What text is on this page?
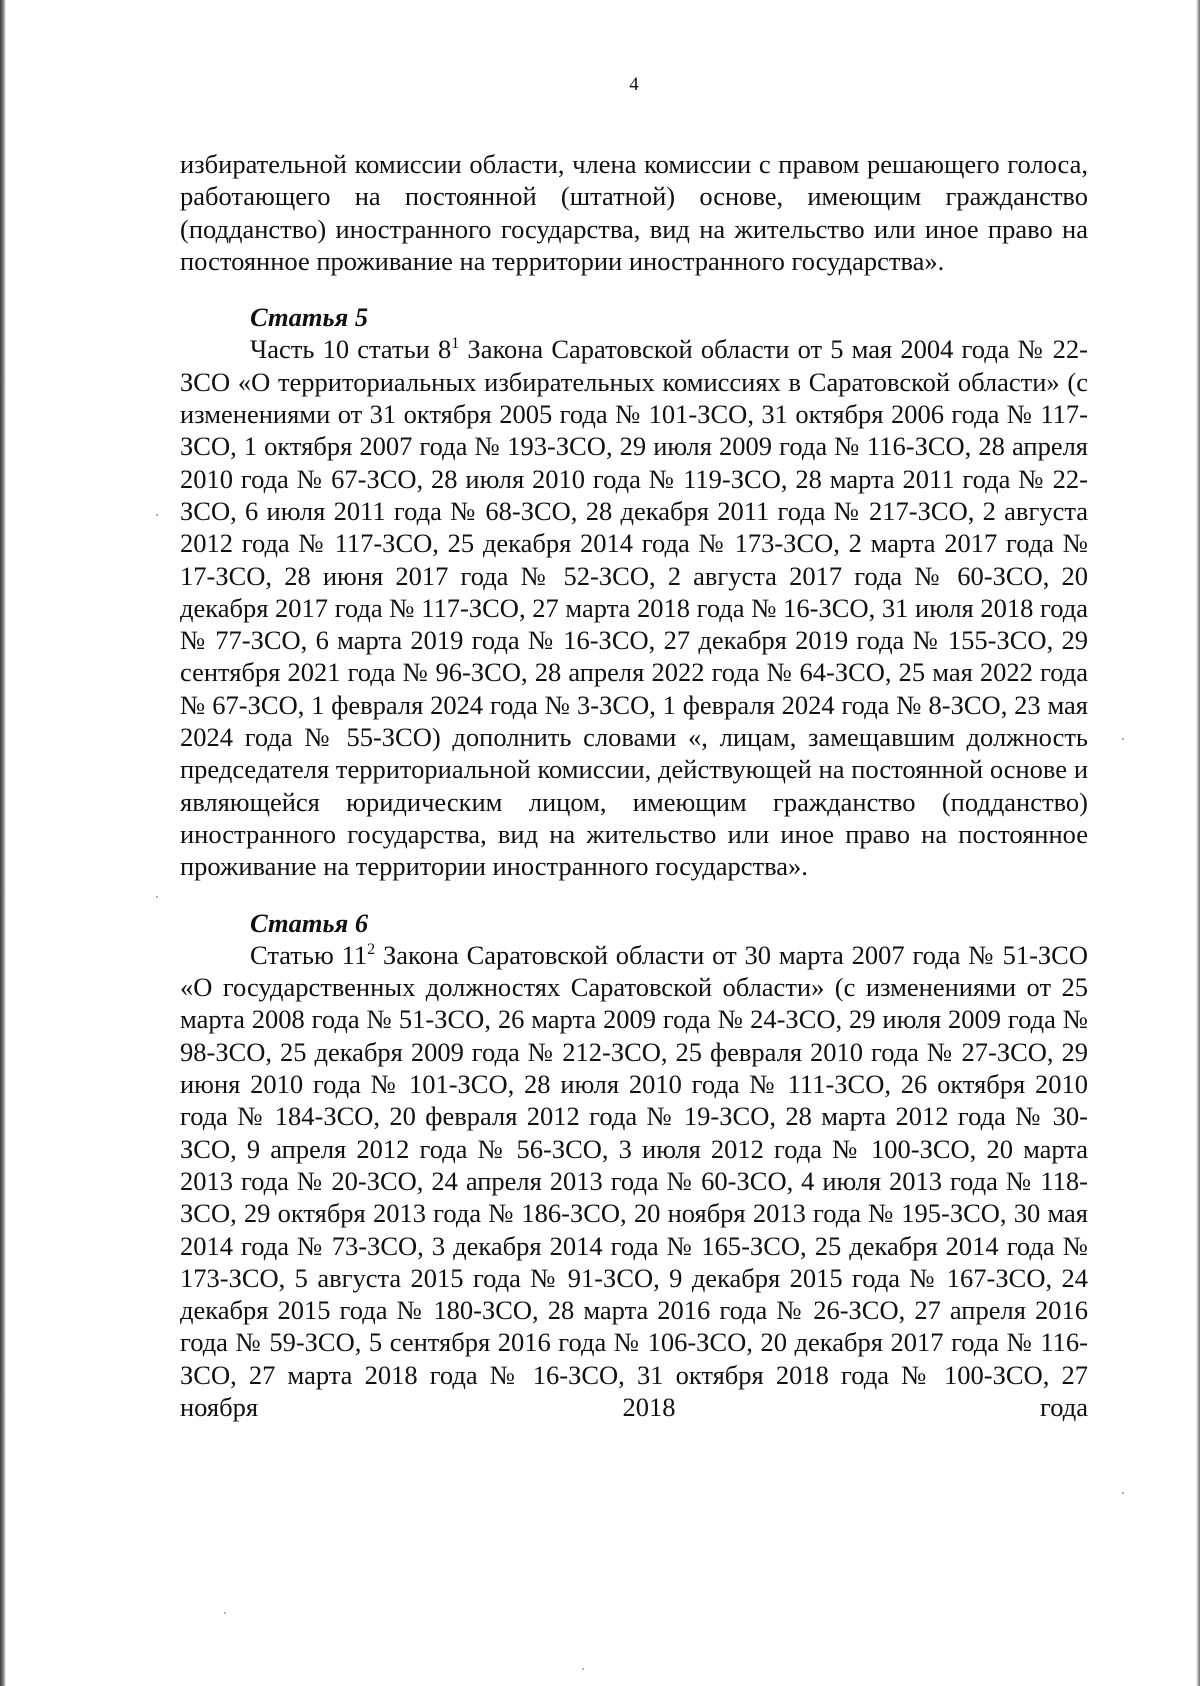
4

избирательной комиссии области, члена комиссии с правом решающего голоса, работающего на постоянной (штатной) основе, имеющим гражданство (подданство) иностранного государства, вид на жительство или иное право на постоянное проживание на территории иностранного государства».

Статья 5

Часть 10 статьи $8^1$ Закона Саратовской области от 5 мая 2004 года № 22-ЗСО «О территориальных избирательных комиссиях в Саратовской области» (с изменениями от 31 октября 2005 года № 101-ЗСО, 31 октября 2006 года № 117-ЗСО, 1 октября 2007 года № 193-ЗСО, 29 июля 2009 года № 116-ЗСО, 28 апреля 2010 года № 67-ЗСО, 28 июля 2010 года № 119-ЗСО, 28 марта 2011 года № 22-ЗСО, 6 июля 2011 года № 68-ЗСО, 28 декабря 2011 года № 217-ЗСО, 2 августа 2012 года № 117-ЗСО, 25 декабря 2014 года № 173-ЗСО, 2 марта 2017 года № 17-ЗСО, 28 июня 2017 года № 52-ЗСО, 2 августа 2017 года № 60-ЗСО, 20 декабря 2017 года № 117-ЗСО, 27 марта 2018 года № 16-ЗСО, 31 июля 2018 года № 77-ЗСО, 6 марта 2019 года № 16-ЗСО, 27 декабря 2019 года № 155-ЗСО, 29 сентября 2021 года № 96-ЗСО, 28 апреля 2022 года № 64-ЗСО, 25 мая 2022 года № 67-ЗСО, 1 февраля 2024 года № 3-ЗСО, 1 февраля 2024 года № 8-ЗСО, 23 мая 2024 года № 55-ЗСО) дополнить словами «, лицам, замещавшим должность председателя территориальной комиссии, действующей на постоянной основе и являющейся юридическим лицом, имеющим гражданство (подданство) иностранного государства, вид на жительство или иное право на постоянное проживание на территории иностранного государства».

Статья 6

Статью $11^2$ Закона Саратовской области от 30 марта 2007 года № 51-ЗСО «О государственных должностях Саратовской области» (с изменениями от 25 марта 2008 года № 51-ЗСО, 26 марта 2009 года № 24-ЗСО, 29 июля 2009 года № 98-ЗСО, 25 декабря 2009 года № 212-ЗСО, 25 февраля 2010 года № 27-ЗСО, 29 июня 2010 года № 101-ЗСО, 28 июля 2010 года № 111-ЗСО, 26 октября 2010 года № 184-ЗСО, 20 февраля 2012 года № 19-ЗСО, 28 марта 2012 года № 30-ЗСО, 9 апреля 2012 года № 56-ЗСО, 3 июля 2012 года № 100-ЗСО, 20 марта 2013 года № 20-ЗСО, 24 апреля 2013 года № 60-ЗСО, 4 июля 2013 года № 118-ЗСО, 29 октября 2013 года № 186-ЗСО, 20 ноября 2013 года № 195-ЗСО, 30 мая 2014 года № 73-ЗСО, 3 декабря 2014 года № 165-ЗСО, 25 декабря 2014 года № 173-ЗСО, 5 августа 2015 года № 91-ЗСО, 9 декабря 2015 года № 167-ЗСО, 24 декабря 2015 года № 180-ЗСО, 28 марта 2016 года № 26-ЗСО, 27 апреля 2016 года № 59-ЗСО, 5 сентября 2016 года № 106-ЗСО, 20 декабря 2017 года № 116-ЗСО, 27 марта 2018 года № 16-ЗСО, 31 октября 2018 года № 100-ЗСО, 27 ноября 2018 года
